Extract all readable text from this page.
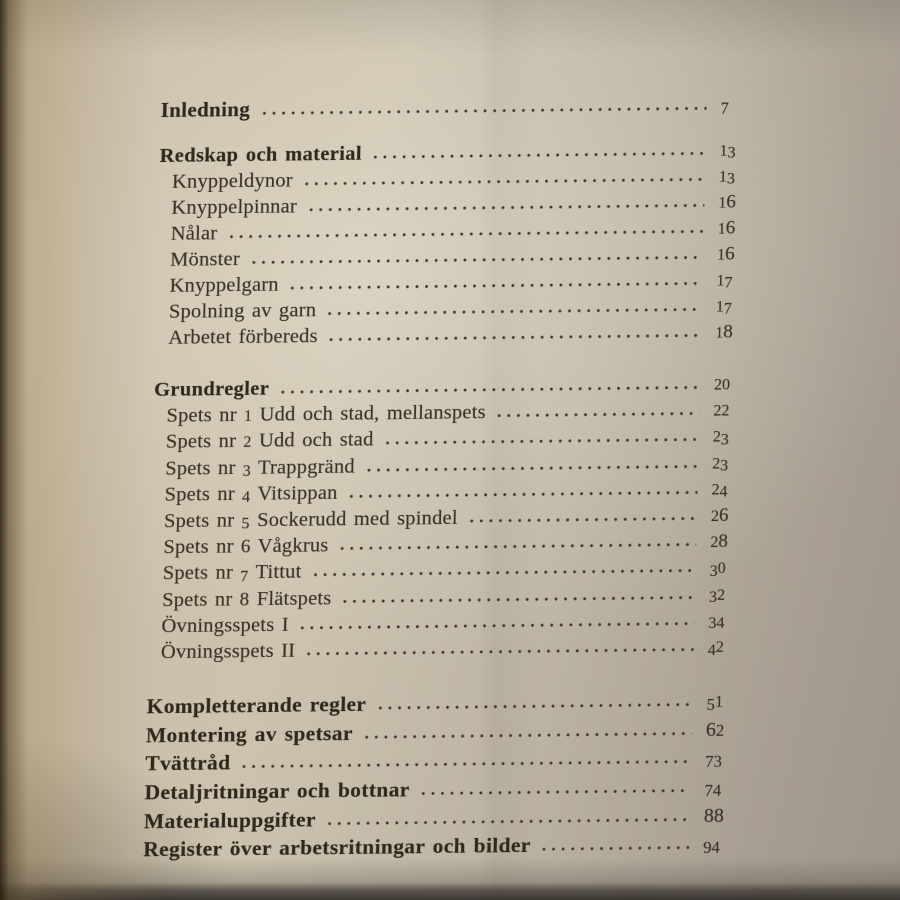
Inledning	7
Redskap och material	13
Knyppeldynor	13
Knyppelpinnar	16
Nålar	16
Mönster	16
Knyppelgarn	17
Spolning av garn	17
Arbetet förbereds	18
Grundregler	20
Spets nr 1 Udd och stad, mellanspets	22
Spets nr 2 Udd och stad	23
Spets nr 3 Trappgränd	23
Spets nr 4 Vitsippan	24
Spets nr 5 Sockerudd med spindel	26
Spets nr 6 Vågkrus	28
Spets nr 7 Tittut	30
Spets nr 8 Flätspets	32
Övningsspets I	34
Övningsspets II	42
Kompletterande regler	51
Montering av spetsar	62
Tvättråd	73
Detaljritningar och bottnar	74
Materialuppgifter	88
Register över arbetsritningar och bilder	94
